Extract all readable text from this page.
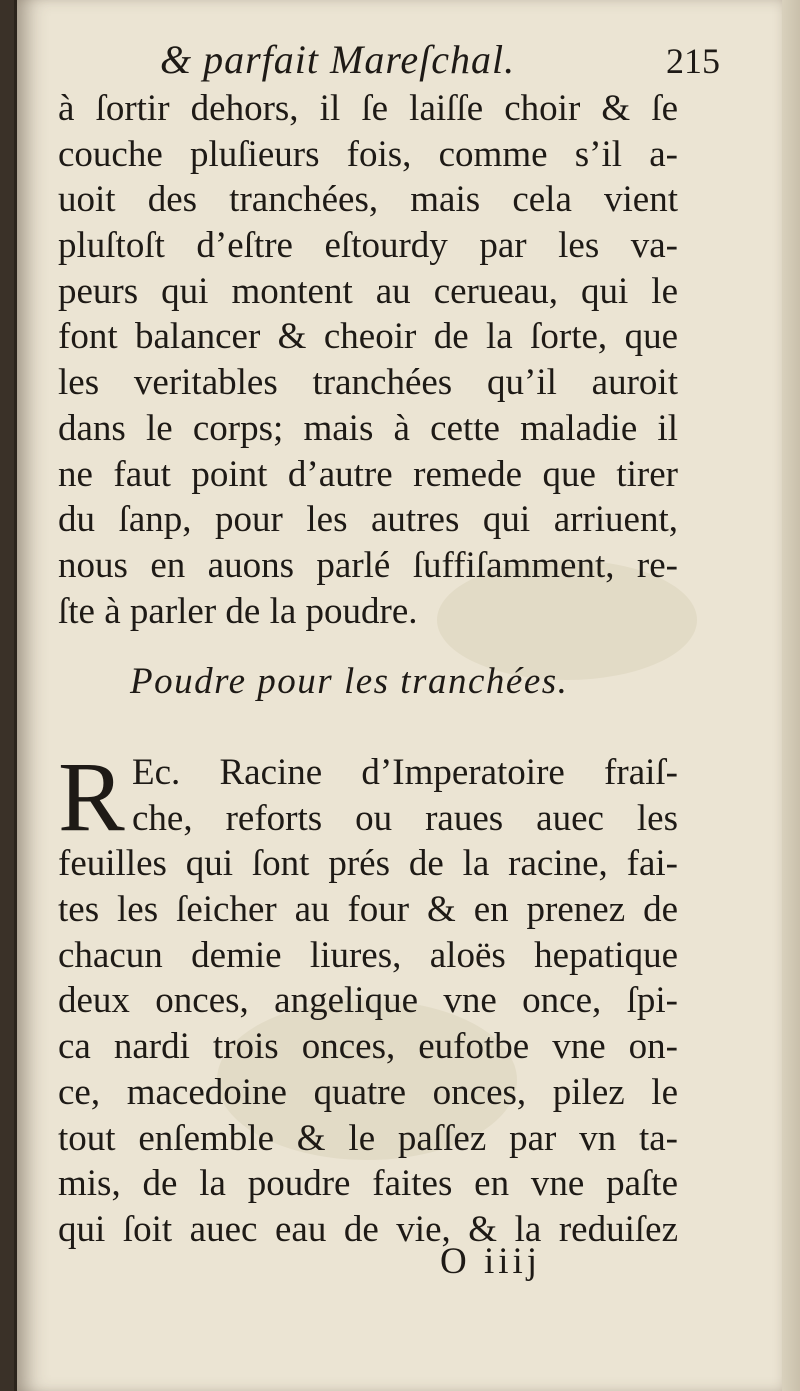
& parfait Mareſchal.	215
à ſortir dehors, il ſe laiſſe choir & ſe
couche pluſieurs fois, comme s’il a-
uoit des tranchées, mais cela vient
pluſtoſt d’eſtre eſtourdy par les va-
peurs qui montent au cerueau, qui le
font balancer & cheoir de la ſorte, que
les veritables tranchées qu’il auroit
dans le corps; mais à cette maladie il
ne faut point d’autre remede que tirer
du ſanp, pour les autres qui arriuent,
nous en auons parlé ſuffiſamment, re-
ſte à parler de la poudre.
Poudre pour les tranchées.
R Ec. Racine d’Imperatoire fraiſ-
che, reforts ou raues auec les
feuilles qui ſont prés de la racine, fai-
tes les ſeicher au four & en prenez de
chacun demie liures, aloës hepatique
deux onces, angelique vne once, ſpi-
ca nardi trois onces, eufotbe vne on-
ce, macedoine quatre onces, pilez le
tout enſemble & le paſſez par vn ta-
mis, de la poudre faites en vne paſte
qui ſoit auec eau de vie, & la reduiſez
O iiij
